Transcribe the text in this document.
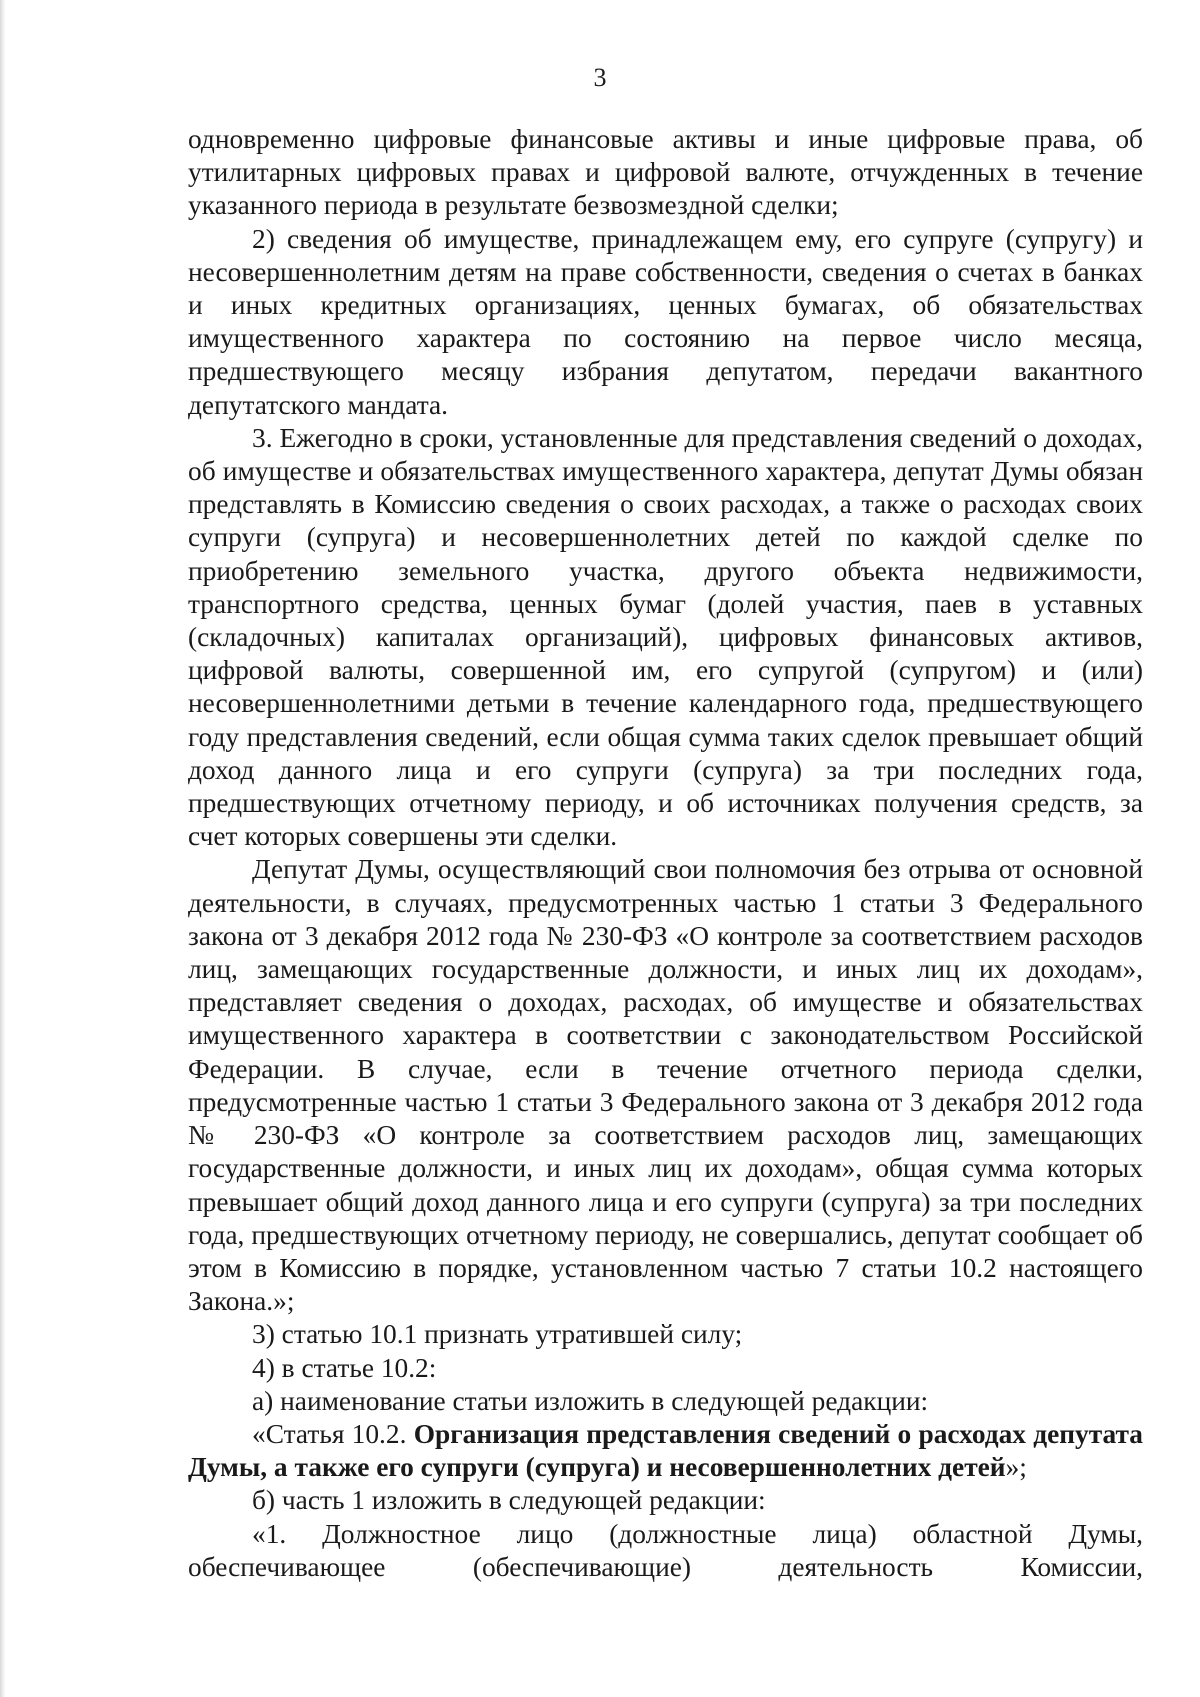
3

одновременно цифровые финансовые активы и иные цифровые права, об утилитарных цифровых правах и цифровой валюте, отчужденных в течение указанного периода в результате безвозмездной сделки;

2) сведения об имуществе, принадлежащем ему, его супруге (супругу) и несовершеннолетним детям на праве собственности, сведения о счетах в банках и иных кредитных организациях, ценных бумагах, об обязательствах имущественного характера по состоянию на первое число месяца, предшествующего месяцу избрания депутатом, передачи вакантного депутатского мандата.

3. Ежегодно в сроки, установленные для представления сведений о доходах, об имуществе и обязательствах имущественного характера, депутат Думы обязан представлять в Комиссию сведения о своих расходах, а также о расходах своих супруги (супруга) и несовершеннолетних детей по каждой сделке по приобретению земельного участка, другого объекта недвижимости, транспортного средства, ценных бумаг (долей участия, паев в уставных (складочных) капиталах организаций), цифровых финансовых активов, цифровой валюты, совершенной им, его супругой (супругом) и (или) несовершеннолетними детьми в течение календарного года, предшествующего году представления сведений, если общая сумма таких сделок превышает общий доход данного лица и его супруги (супруга) за три последних года, предшествующих отчетному периоду, и об источниках получения средств, за счет которых совершены эти сделки.

Депутат Думы, осуществляющий свои полномочия без отрыва от основной деятельности, в случаях, предусмотренных частью 1 статьи 3 Федерального закона от 3 декабря 2012 года № 230-ФЗ «О контроле за соответствием расходов лиц, замещающих государственные должности, и иных лиц их доходам», представляет сведения о доходах, расходах, об имуществе и обязательствах имущественного характера в соответствии с законодательством Российской Федерации. В случае, если в течение отчетного периода сделки, предусмотренные частью 1 статьи 3 Федерального закона от 3 декабря 2012 года № 230-ФЗ «О контроле за соответствием расходов лиц, замещающих государственные должности, и иных лиц их доходам», общая сумма которых превышает общий доход данного лица и его супруги (супруга) за три последних года, предшествующих отчетному периоду, не совершались, депутат сообщает об этом в Комиссию в порядке, установленном частью 7 статьи 10.2 настоящего Закона.»;

3) статью 10.1 признать утратившей силу;

4) в статье 10.2:

а) наименование статьи изложить в следующей редакции:

«Статья 10.2. Организация представления сведений о расходах депутата Думы, а также его супруги (супруга) и несовершеннолетних детей»;

б) часть 1 изложить в следующей редакции:

«1. Должностное лицо (должностные лица) областной Думы, обеспечивающее (обеспечивающие) деятельность Комиссии,
